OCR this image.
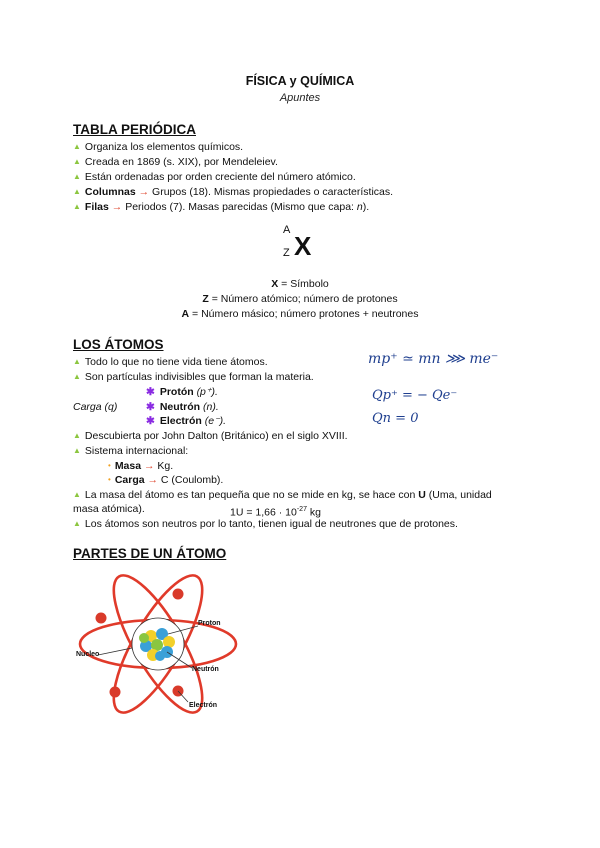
FÍSICA y QUÍMICA
Apuntes
TABLA PERIÓDICA
▲ Organiza los elementos químicos.
▲ Creada en 1869 (s. XIX), por Mendeleiev.
▲ Están ordenadas por orden creciente del número atómico.
▲ Columnas → Grupos (18). Mismas propiedades o características.
▲ Filas → Periodos (7). Masas parecidas (Mismo que capa: n).
A
Z X
X = Símbolo
Z = Número atómico; número de protones
A = Número másico; número protones + neutrones
LOS ÁTOMOS
▲ Todo lo que no tiene vida tiene átomos.
▲ Son partículas indivisibles que forman la materia.
✱ Protón (p⁺).
Carga (q)	✱ Neutrón (n).
✱ Electrón (e⁻).
▲ Descubierta por John Dalton (Británico) en el siglo XVIII.
▲ Sistema internacional:
• Masa → Kg.
• Carga → C (Coulomb).
▲ La masa del átomo es tan pequeña que no se mide en kg, se hace con U (Uma, unidad
masa atómica).	$1U = 1,66 \cdot 10^{-27}$ kg
▲ Los átomos son neutros por lo tanto, tienen igual de neutrones que de protones.
mp⁺ ≃ mn ⋙ me⁻
Qp⁺ = − Qe⁻
Qn = 0
PARTES DE UN ÁTOMO
Proton
Nucleo
Neutrón
Electrón
